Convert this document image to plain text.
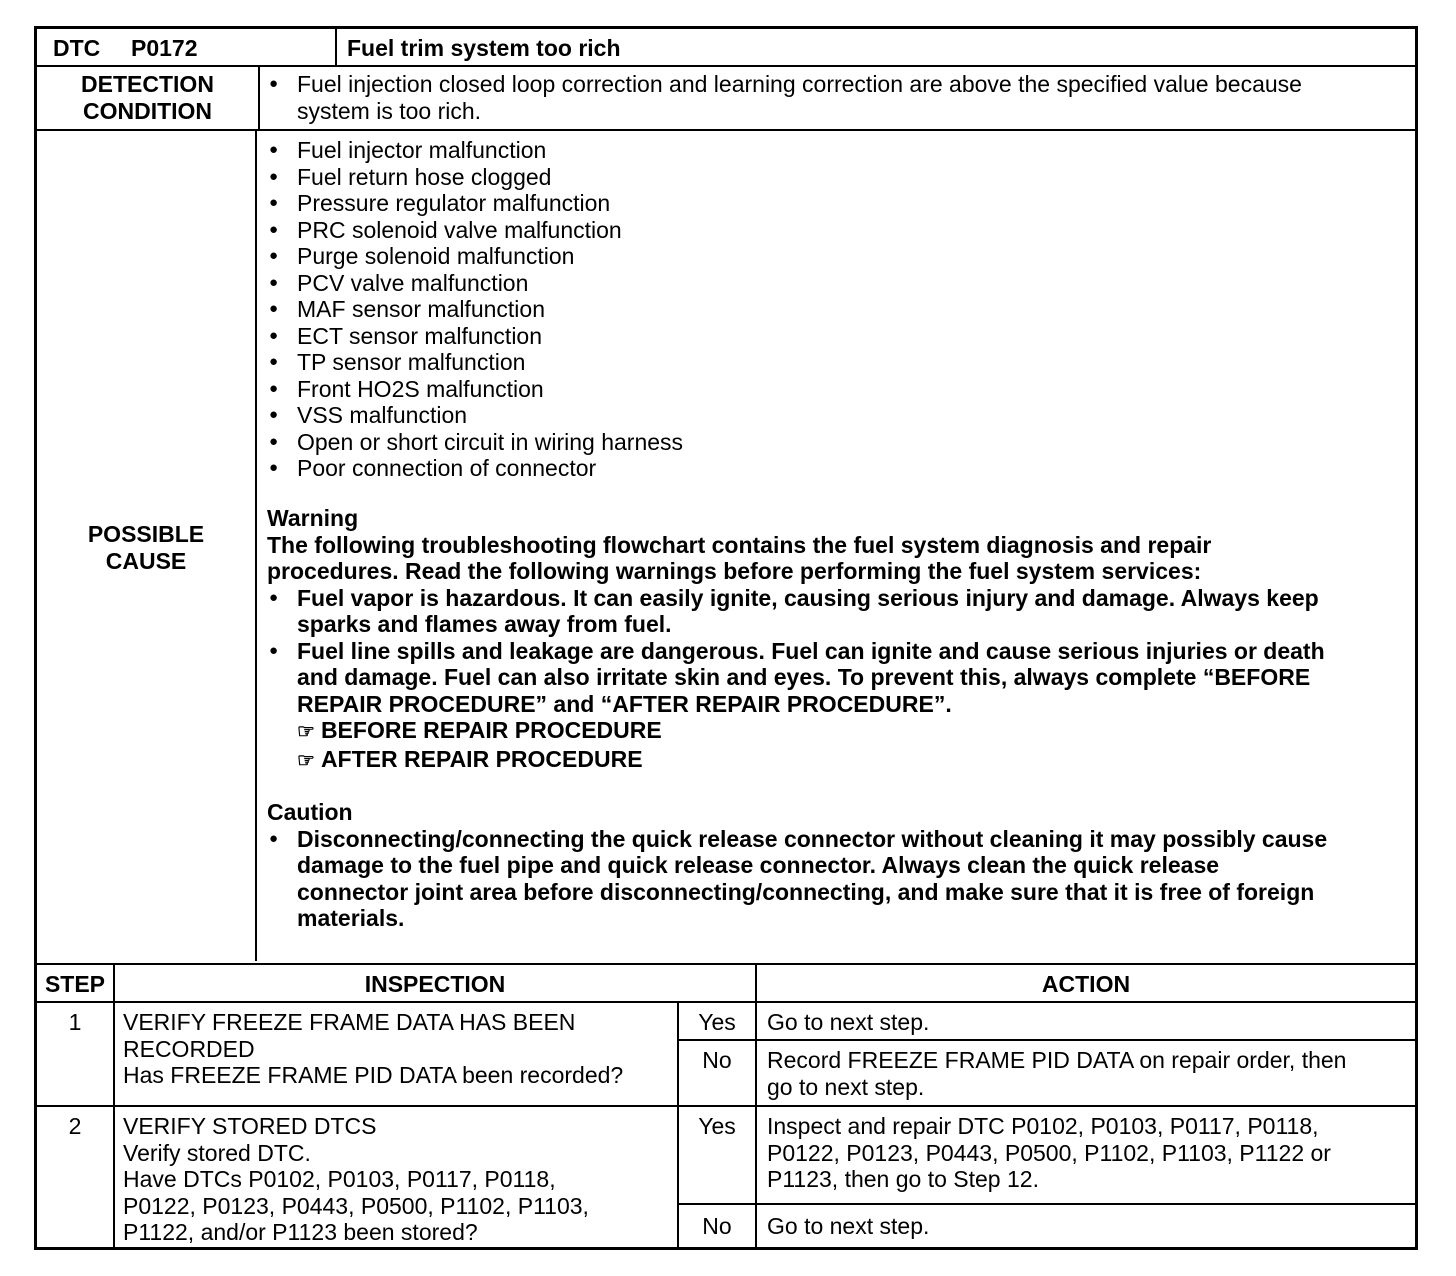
DTC P0172	Fuel trim system too rich
DETECTION
CONDITION
● Fuel injection closed loop correction and learning correction are above the specified value because
system is too rich.
POSSIBLE
CAUSE
● Fuel injector malfunction
● Fuel return hose clogged
● Pressure regulator malfunction
● PRC solenoid valve malfunction
● Purge solenoid malfunction
● PCV valve malfunction
● MAF sensor malfunction
● ECT sensor malfunction
● TP sensor malfunction
● Front HO2S malfunction
● VSS malfunction
● Open or short circuit in wiring harness
● Poor connection of connector
Warning
The following troubleshooting flowchart contains the fuel system diagnosis and repair
procedures. Read the following warnings before performing the fuel system services:
● Fuel vapor is hazardous. It can easily ignite, causing serious injury and damage. Always keep
sparks and flames away from fuel.
● Fuel line spills and leakage are dangerous. Fuel can ignite and cause serious injuries or death
and damage. Fuel can also irritate skin and eyes. To prevent this, always complete “BEFORE
REPAIR PROCEDURE” and “AFTER REPAIR PROCEDURE”.
☞ BEFORE REPAIR PROCEDURE
☞ AFTER REPAIR PROCEDURE
Caution
● Disconnecting/connecting the quick release connector without cleaning it may possibly cause
damage to the fuel pipe and quick release connector. Always clean the quick release
connector joint area before disconnecting/connecting, and make sure that it is free of foreign
materials.
STEP	INSPECTION	ACTION
1	VERIFY FREEZE FRAME DATA HAS BEEN
RECORDED
Has FREEZE FRAME PID DATA been recorded?
Yes	Go to next step.
No	Record FREEZE FRAME PID DATA on repair order, then
go to next step.
2	VERIFY STORED DTCS
Verify stored DTC.
Have DTCs P0102, P0103, P0117, P0118,
P0122, P0123, P0443, P0500, P1102, P1103,
P1122, and/or P1123 been stored?
Yes	Inspect and repair DTC P0102, P0103, P0117, P0118,
P0122, P0123, P0443, P0500, P1102, P1103, P1122 or
P1123, then go to Step 12.
No	Go to next step.
